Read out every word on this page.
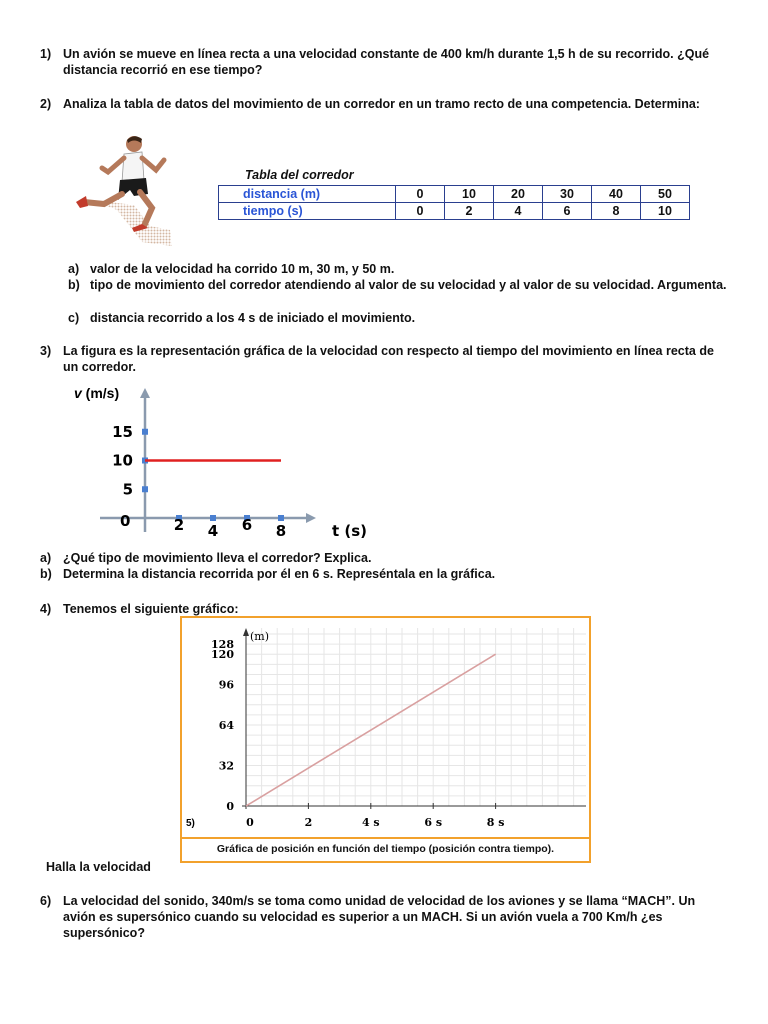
1) Un avión se mueve en línea recta a una velocidad constante de 400 km/h durante 1,5 h de su recorrido. ¿Qué distancia recorrió en ese tiempo?
2) Analiza la tabla de datos del movimiento de un corredor en un tramo recto de una competencia. Determina:
Tabla del corredor
distancia (m)	0	10	20	30	40	50
tiempo (s)	0	2	4	6	8	10
a) valor de la velocidad ha corrido 10 m, 30 m, y 50 m.
b) tipo de movimiento del corredor atendiendo al valor de su velocidad y al valor de su velocidad. Argumenta.
c) distancia recorrido a los 4 s de iniciado el movimiento.
3) La figura es la representación gráfica de la velocidad con respecto al tiempo del movimiento en línea recta de un corredor.
v (m/s)
5
10
15
2 4 6 8	t (s)
0
a) ¿Qué tipo de movimiento lleva el corredor? Explica.
b) Determina la distancia recorrida por él en 6 s. Represéntala en la gráfica.
4) Tenemos el siguiente gráfico:
0
32
64
96
120
128
0	2	4 s	6 s	8 s
(m)
5)
Gráfica de posición en función del tiempo (posición contra tiempo).
Halla la velocidad
6) La velocidad del sonido, 340m/s se toma como unidad de velocidad de los aviones y se llama “MACH”. Un avión es supersónico cuando su velocidad es superior a un MACH. Si un avión vuela a 700 Km/h ¿es supersónico?
